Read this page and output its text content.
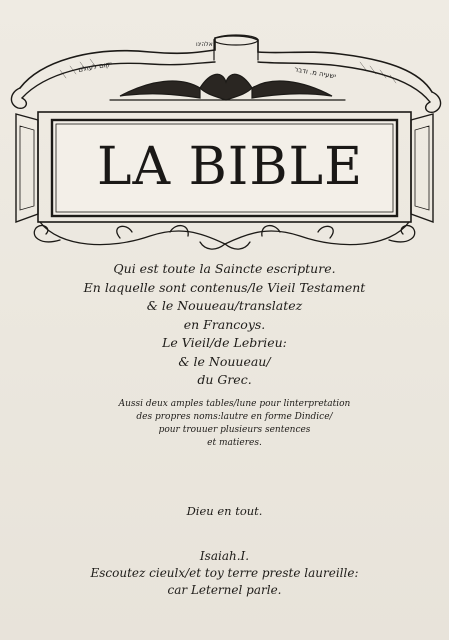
אלהינו
יקום לעולם	ישעיה מ. ודבר
LA BIBLE
Qui est toute la Saincte escripture.
En laquelle sont contenus/le Vieil Testament
& le Nouueau/translatez
en Francoys.
Le Vieil/de Lebrieu:
& le Nouueau/
du Grec.
Aussi deux amples tables/lune pour linterpretation
des propres noms:lautre en forme Dindice/
pour trouuer plusieurs sentences
et matieres.
Dieu en tout.
Isaiah.I.
Escoutez cieulx/et toy terre preste laureille:
car Leternel parle.
